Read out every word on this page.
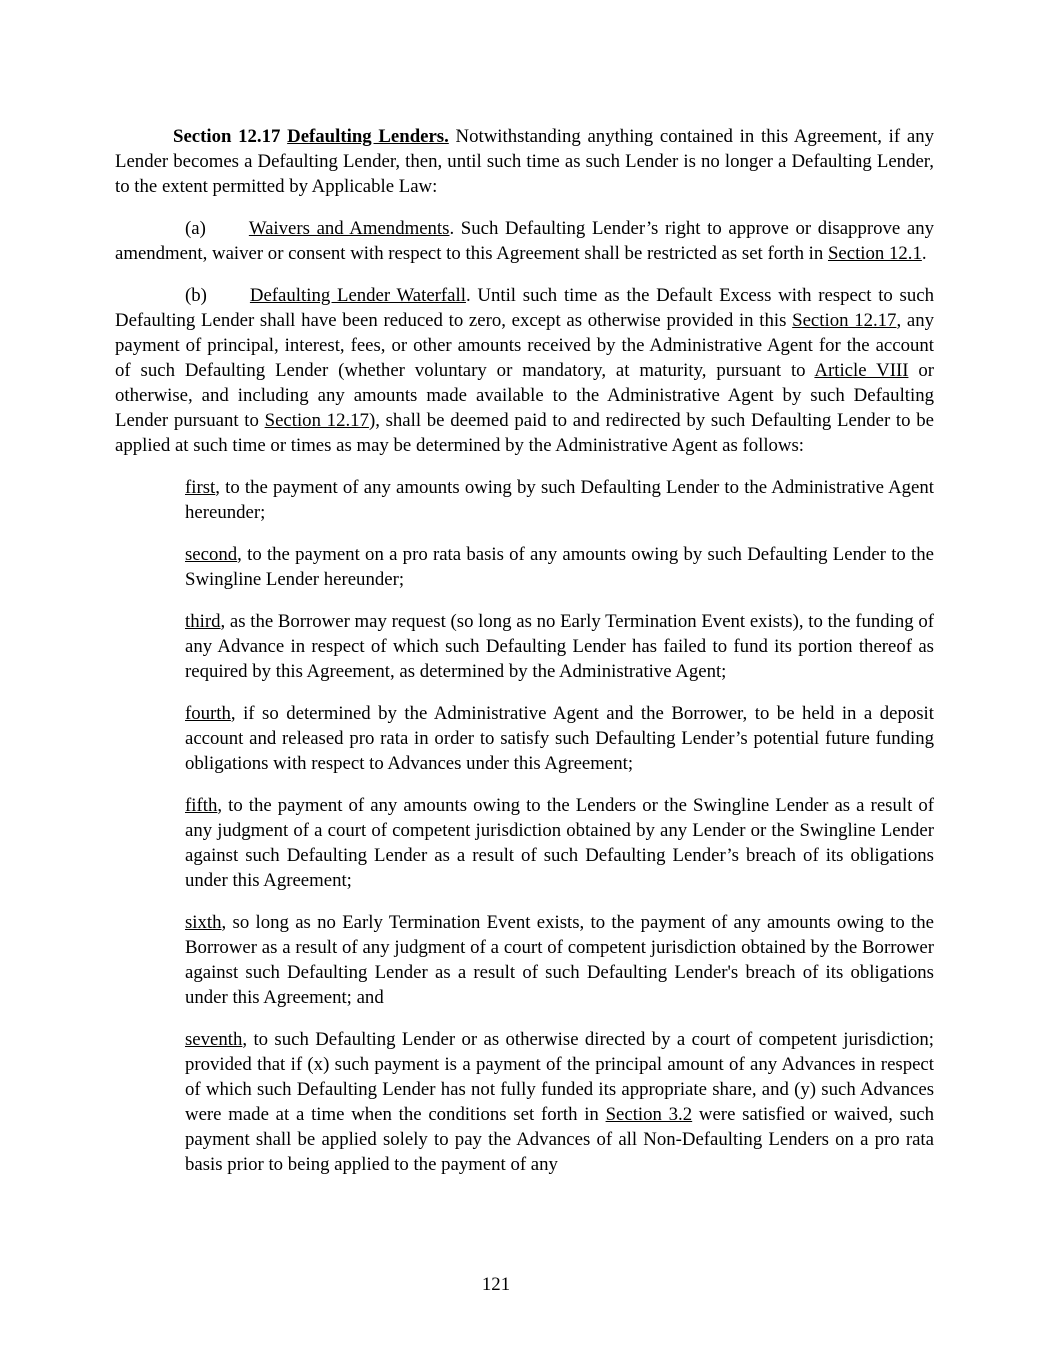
Section 12.17 Defaulting Lenders. Notwithstanding anything contained in this Agreement, if any Lender becomes a Defaulting Lender, then, until such time as such Lender is no longer a Defaulting Lender, to the extent permitted by Applicable Law:

(a) Waivers and Amendments. Such Defaulting Lender’s right to approve or disapprove any amendment, waiver or consent with respect to this Agreement shall be restricted as set forth in Section 12.1.

(b) Defaulting Lender Waterfall. Until such time as the Default Excess with respect to such Defaulting Lender shall have been reduced to zero, except as otherwise provided in this Section 12.17, any payment of principal, interest, fees, or other amounts received by the Administrative Agent for the account of such Defaulting Lender (whether voluntary or mandatory, at maturity, pursuant to Article VIII or otherwise, and including any amounts made available to the Administrative Agent by such Defaulting Lender pursuant to Section 12.17), shall be deemed paid to and redirected by such Defaulting Lender to be applied at such time or times as may be determined by the Administrative Agent as follows:

first, to the payment of any amounts owing by such Defaulting Lender to the Administrative Agent hereunder;

second, to the payment on a pro rata basis of any amounts owing by such Defaulting Lender to the Swingline Lender hereunder;

third, as the Borrower may request (so long as no Early Termination Event exists), to the funding of any Advance in respect of which such Defaulting Lender has failed to fund its portion thereof as required by this Agreement, as determined by the Administrative Agent;

fourth, if so determined by the Administrative Agent and the Borrower, to be held in a deposit account and released pro rata in order to satisfy such Defaulting Lender’s potential future funding obligations with respect to Advances under this Agreement;

fifth, to the payment of any amounts owing to the Lenders or the Swingline Lender as a result of any judgment of a court of competent jurisdiction obtained by any Lender or the Swingline Lender against such Defaulting Lender as a result of such Defaulting Lender’s breach of its obligations under this Agreement;

sixth, so long as no Early Termination Event exists, to the payment of any amounts owing to the Borrower as a result of any judgment of a court of competent jurisdiction obtained by the Borrower against such Defaulting Lender as a result of such Defaulting Lender's breach of its obligations under this Agreement; and

seventh, to such Defaulting Lender or as otherwise directed by a court of competent jurisdiction; provided that if (x) such payment is a payment of the principal amount of any Advances in respect of which such Defaulting Lender has not fully funded its appropriate share, and (y) such Advances were made at a time when the conditions set forth in Section 3.2 were satisfied or waived, such payment shall be applied solely to pay the Advances of all Non-Defaulting Lenders on a pro rata basis prior to being applied to the payment of any

121
